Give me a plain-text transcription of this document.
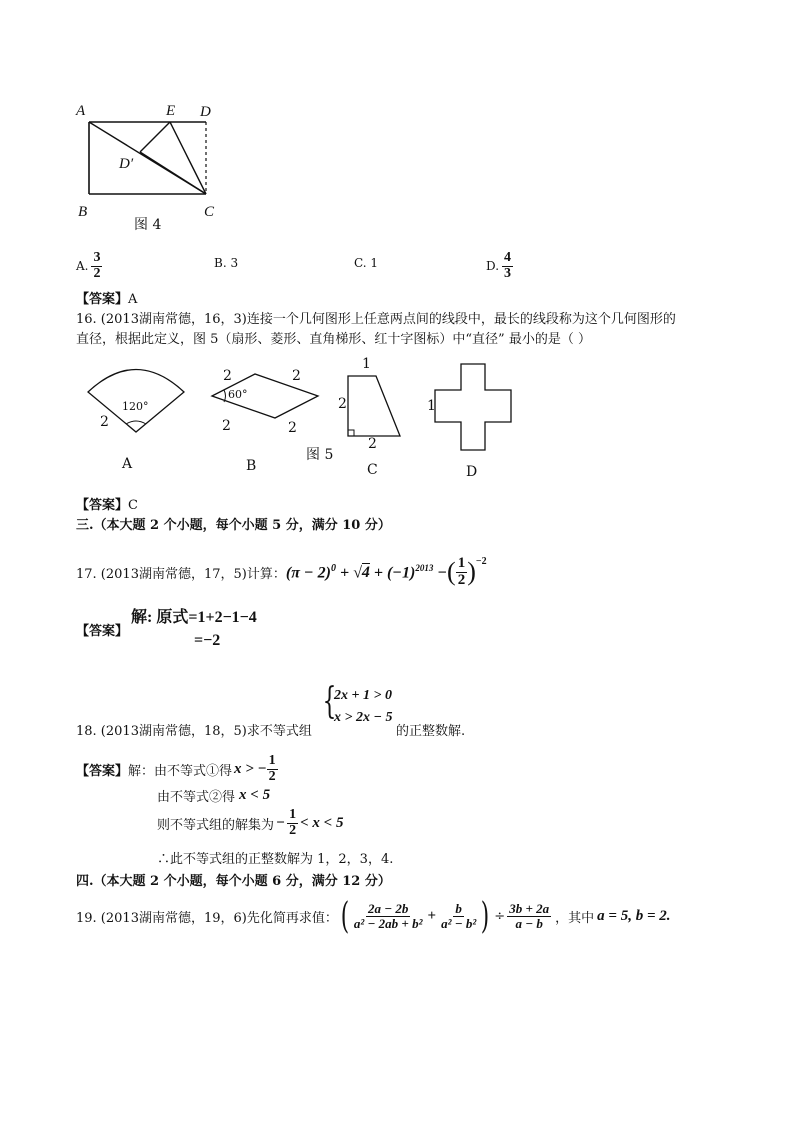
A	E D
D′
B	C
图 4
A. $\frac{3}{2}$	B. 3	C. 1	D. $\frac{4}{3}$
【答案】A
16. (2013湖南常德，16，3)连接一个几何图形上任意两点间的线段中，最长的线段称为这个几何图形的
直径，根据此定义，图 5（扇形、菱形、直角梯形、红十字图标）中“直径” 最小的是（ ）
120°
2
A
2	2
60°
2	2
B
图 5
1
2
2
C
1
D
【答案】C
三.（本大题 2 个小题，每个小题 5 分，满分 10 分）
17. (2013湖南常德，17，5)计算： $(\pi - 2)^0 + √4 + (-1)^{2013}$ − ( $\frac{1}{2} )^{-2}$
【答案】
解: 原式=1+2−1−4
=−2
18. (2013湖南常德，18，5)求不等式组
{
2x + 1 > 0
x > 2x − 5
的正整数解.
【答案】 解：由不等式①得 x > − $\frac{1}{2}$
由不等式②得 x < 5
则不等式组的解集为 − $\frac{1}{2} < x < 5$
∴此不等式组的正整数解为 1，2，3，4.
四.（本大题 2 个小题，每个小题 6 分，满分 12 分）
19. (2013湖南常德，19，6)先化简再求值： ( $\frac{2a - 2b}{\text{a² − 2ab + b²}} + \frac{b}{\text{a² − b²}}$ ) ÷ $\frac{3b + 2a}{a - b}$ ，其中 a = 5, b = 2.
